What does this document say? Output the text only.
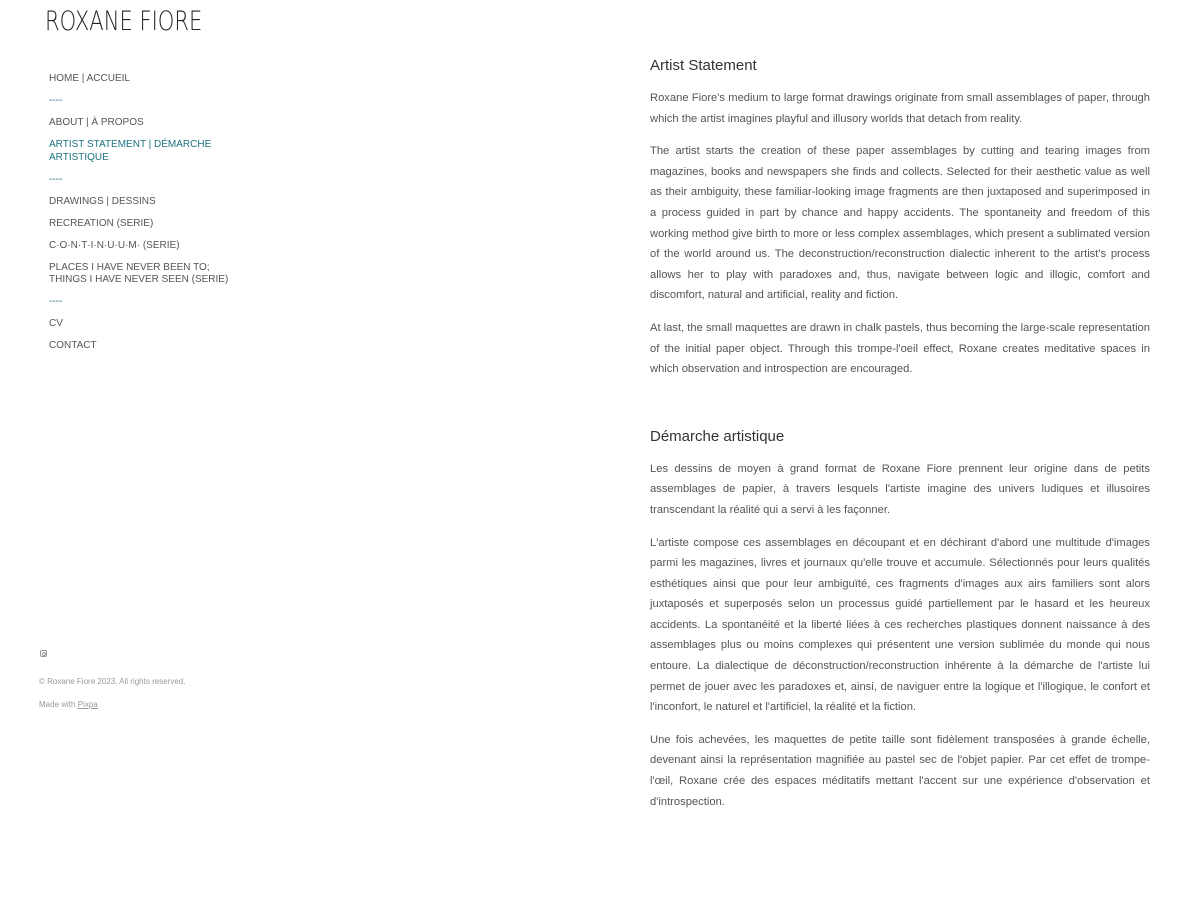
ROXANE FIORE
HOME | ACCUEIL
----
ABOUT | À PROPOS
ARTIST STATEMENT | DÉMARCHE ARTISTIQUE
----
DRAWINGS | DESSINS
RECREATION (SERIE)
C·O·N·T·I·N·U·U·M· (SERIE)
PLACES I HAVE NEVER BEEN TO;
THINGS I HAVE NEVER SEEN (SERIE)
----
CV
CONTACT
© Roxane Fiore 2023. All rights reserved.
Made with Pixpa
Artist Statement

Roxane Fiore's medium to large format drawings originate from small assemblages of paper, through which the artist imagines playful and illusory worlds that detach from reality.

The artist starts the creation of these paper assemblages by cutting and tearing images from magazines, books and newspapers she finds and collects. Selected for their aesthetic value as well as their ambiguity, these familiar-looking image fragments are then juxtaposed and superimposed in a process guided in part by chance and happy accidents. The spontaneity and freedom of this working method give birth to more or less complex assemblages, which present a sublimated version of the world around us. The deconstruction/reconstruction dialectic inherent to the artist's process allows her to play with paradoxes and, thus, navigate between logic and illogic, comfort and discomfort, natural and artificial, reality and fiction.

At last, the small maquettes are drawn in chalk pastels, thus becoming the large-scale representation of the initial paper object. Through this trompe-l'oeil effect, Roxane creates meditative spaces in which observation and introspection are encouraged.

Démarche artistique

Les dessins de moyen à grand format de Roxane Fiore prennent leur origine dans de petits assemblages de papier, à travers lesquels l'artiste imagine des univers ludiques et illusoires transcendant la réalité qui a servi à les façonner.

L'artiste compose ces assemblages en découpant et en déchirant d'abord une multitude d'images parmi les magazines, livres et journaux qu'elle trouve et accumule. Sélectionnés pour leurs qualités esthétiques ainsi que pour leur ambiguïté, ces fragments d'images aux airs familiers sont alors juxtaposés et superposés selon un processus guidé partiellement par le hasard et les heureux accidents. La spontanéité et la liberté liées à ces recherches plastiques donnent naissance à des assemblages plus ou moins complexes qui présentent une version sublimée du monde qui nous entoure. La dialectique de déconstruction/reconstruction inhérente à la démarche de l'artiste lui permet de jouer avec les paradoxes et, ainsi, de naviguer entre la logique et l'illogique, le confort et l'inconfort, le naturel et l'artificiel, la réalité et la fiction.

Une fois achevées, les maquettes de petite taille sont fidèlement transposées à grande échelle, devenant ainsi la représentation magnifiée au pastel sec de l'objet papier. Par cet effet de trompe-l'œil, Roxane crée des espaces méditatifs mettant l'accent sur une expérience d'observation et d'introspection.
